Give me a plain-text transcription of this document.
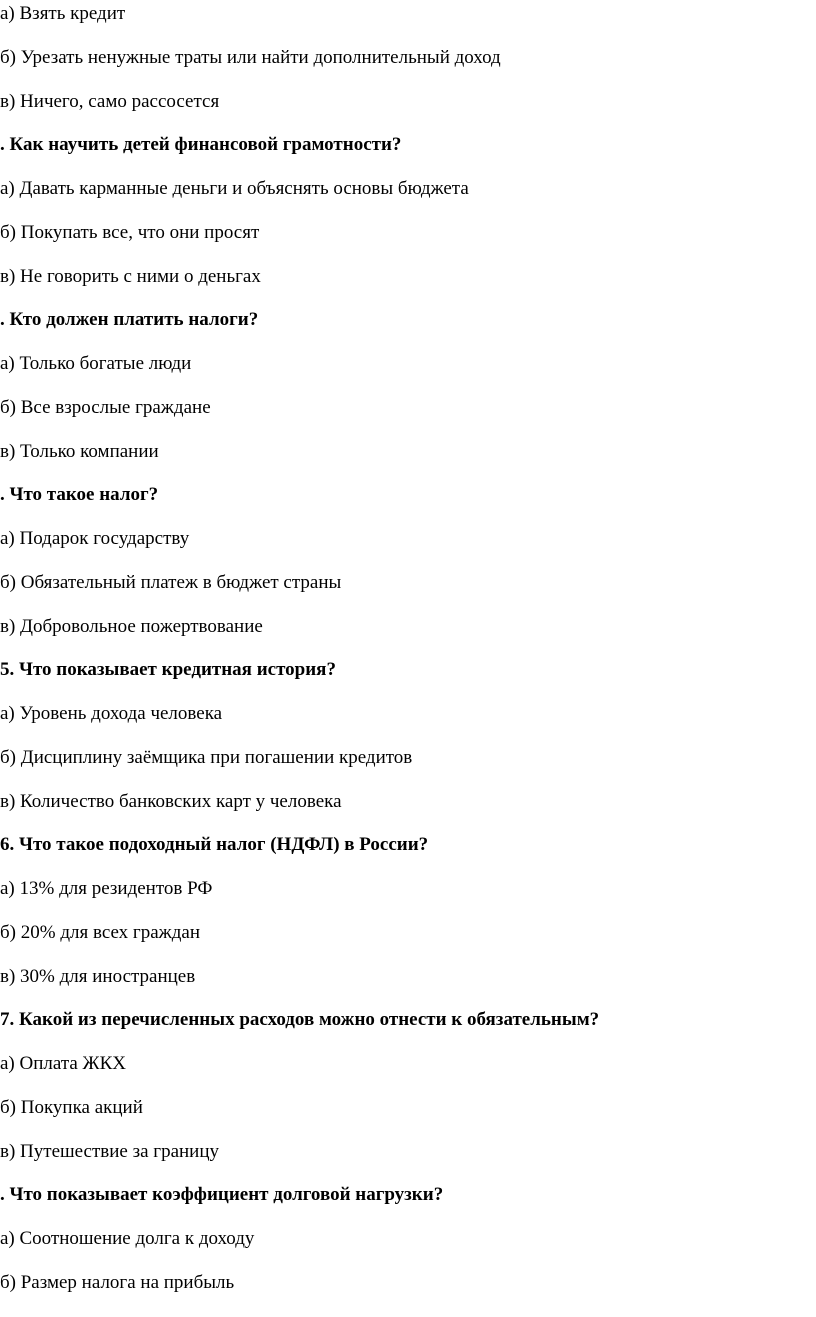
а) Взять кредит
б) Урезать ненужные траты или найти дополнительный доход
в) Ничего, само рассосется
. Как научить детей финансовой грамотности?
а) Давать карманные деньги и объяснять основы бюджета
б) Покупать все, что они просят
в) Не говорить с ними о деньгах
. Кто должен платить налоги?
а) Только богатые люди
б) Все взрослые граждане
в) Только компании
. Что такое налог?
а) Подарок государству
б) Обязательный платеж в бюджет страны
в) Добровольное пожертвование
5. Что показывает кредитная история?
а) Уровень дохода человека
б) Дисциплину заёмщика при погашении кредитов
в) Количество банковских карт у человека
6. Что такое подоходный налог (НДФЛ) в России?
а) 13% для резидентов РФ
б) 20% для всех граждан
в) 30% для иностранцев
7. Какой из перечисленных расходов можно отнести к обязательным?
а) Оплата ЖКХ
б) Покупка акций
в) Путешествие за границу
. Что показывает коэффициент долговой нагрузки?
а) Соотношение долга к доходу
б) Размер налога на прибыль
